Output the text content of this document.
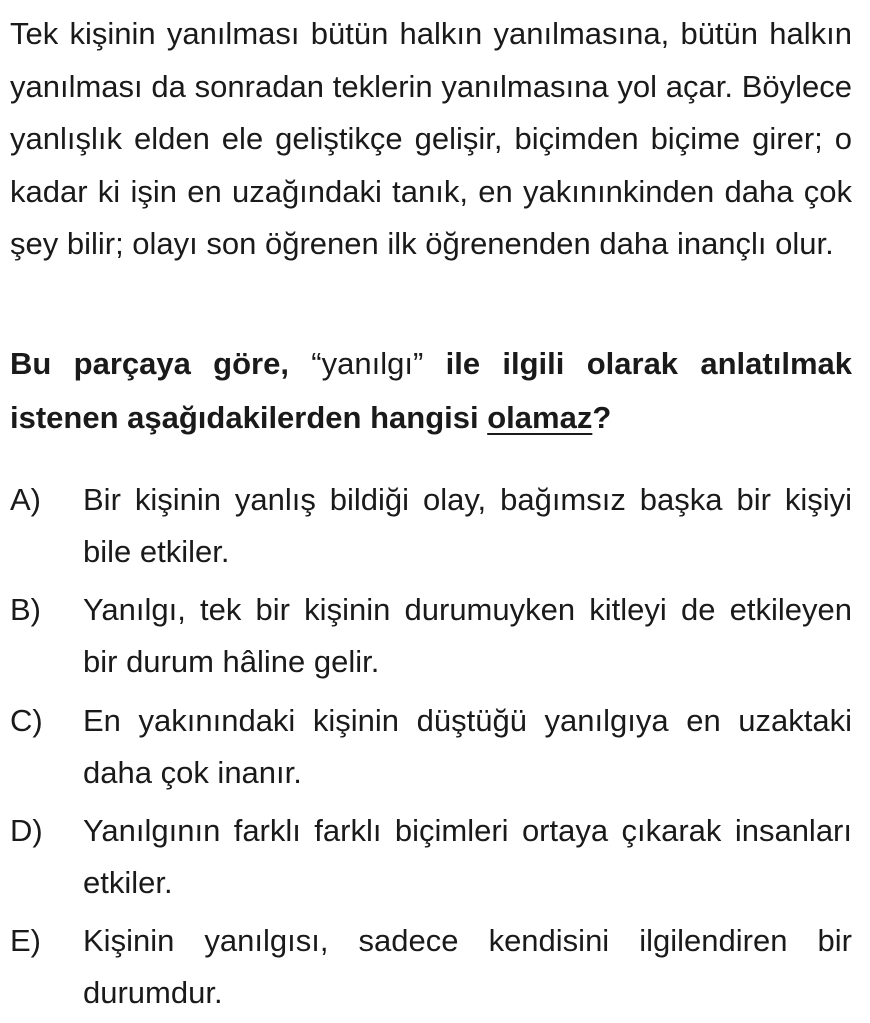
Tek kişinin yanılması bütün halkın yanılmasına, bütün halkın yanılması da sonradan teklerin yanılmasına yol açar. Böylece yanlışlık elden ele geliştikçe gelişir, biçimden biçime girer; o kadar ki işin en uzağındaki tanık, en yakınınkinden daha çok şey bilir; olayı son öğrenen ilk öğrenenden daha inançlı olur.
Bu parçaya göre, “yanılgı” ile ilgili olarak anlatılmak istenen aşağıdakilerden hangisi olamaz?
A)	Bir kişinin yanlış bildiği olay, bağımsız başka bir kişiyi bile etkiler.
B)	Yanılgı, tek bir kişinin durumuyken kitleyi de etkileyen bir durum hâline gelir.
C)	En yakınındaki kişinin düştüğü yanılgıya en uzaktaki daha çok inanır.
D)	Yanılgının farklı farklı biçimleri ortaya çıkarak insanları etkiler.
E)	Kişinin yanılgısı, sadece kendisini ilgilendiren bir durumdur.
